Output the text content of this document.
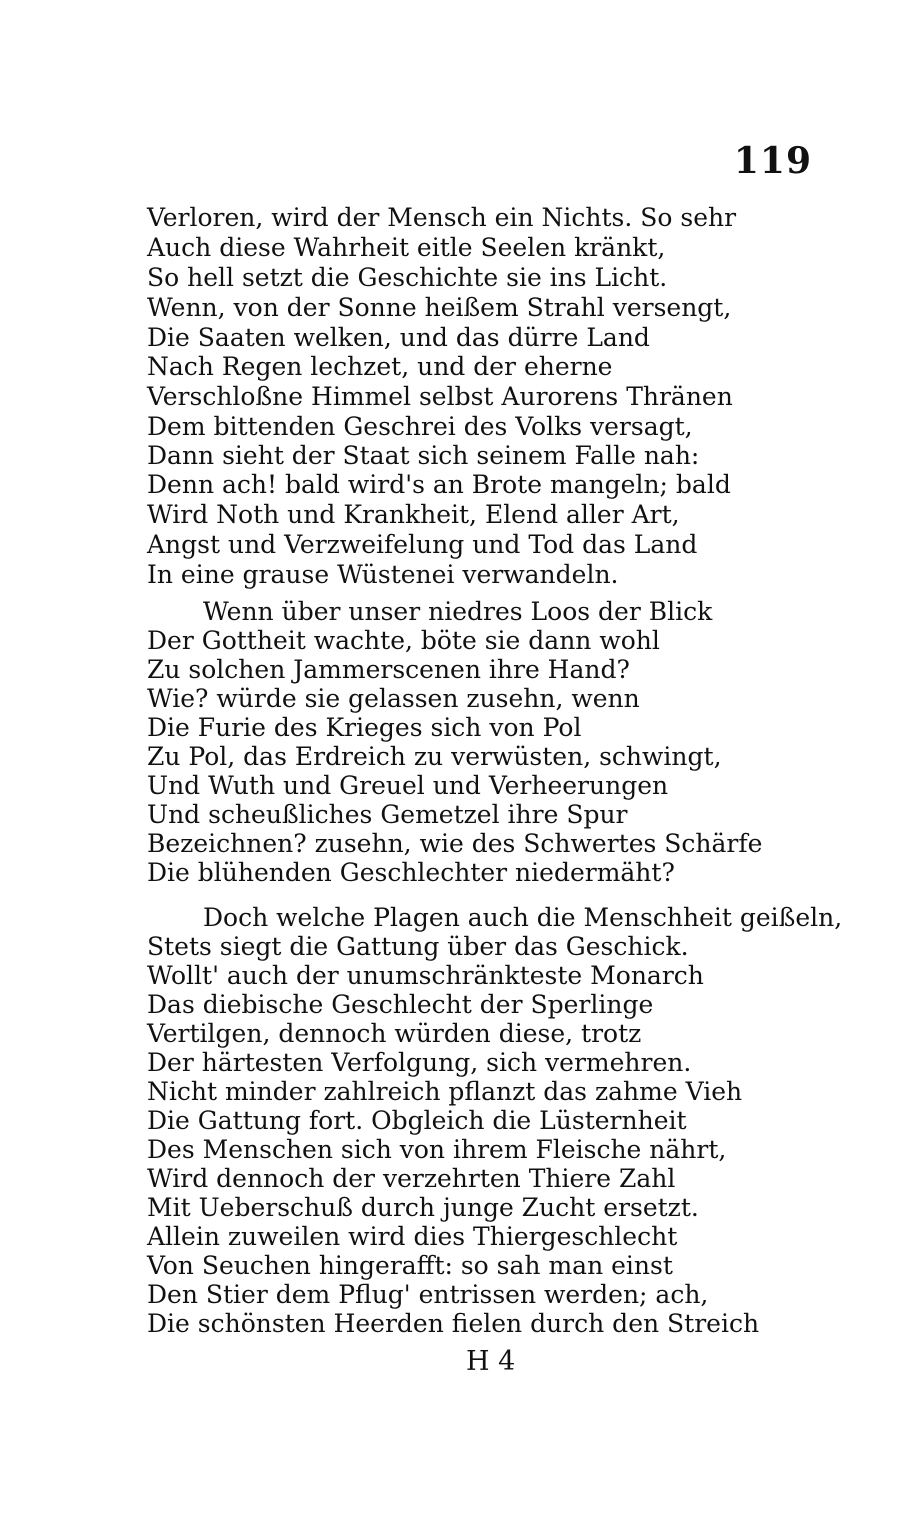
119
Verloren, wird der Mensch ein Nichts. So sehr
Auch diese Wahrheit eitle Seelen kränkt,
So hell setzt die Geschichte sie ins Licht.
Wenn, von der Sonne heißem Strahl versengt,
Die Saaten welken, und das dürre Land
Nach Regen lechzet, und der eherne
Verschloßne Himmel selbst Aurorens Thränen
Dem bittenden Geschrei des Volks versagt,
Dann sieht der Staat sich seinem Falle nah:
Denn ach! bald wird's an Brote mangeln; bald
Wird Noth und Krankheit, Elend aller Art,
Angst und Verzweifelung und Tod das Land
In eine grause Wüstenei verwandeln.
Wenn über unser niedres Loos der Blick
Der Gottheit wachte, böte sie dann wohl
Zu solchen Jammerscenen ihre Hand?
Wie? würde sie gelassen zusehn, wenn
Die Furie des Krieges sich von Pol
Zu Pol, das Erdreich zu verwüsten, schwingt,
Und Wuth und Greuel und Verheerungen
Und scheußliches Gemetzel ihre Spur
Bezeichnen? zusehn, wie des Schwertes Schärfe
Die blühenden Geschlechter niedermäht?
Doch welche Plagen auch die Menschheit geißeln,
Stets siegt die Gattung über das Geschick.
Wollt' auch der unumschränkteste Monarch
Das diebische Geschlecht der Sperlinge
Vertilgen, dennoch würden diese, trotz
Der härtesten Verfolgung, sich vermehren.
Nicht minder zahlreich pflanzt das zahme Vieh
Die Gattung fort. Obgleich die Lüsternheit
Des Menschen sich von ihrem Fleische nährt,
Wird dennoch der verzehrten Thiere Zahl
Mit Ueberschuß durch junge Zucht ersetzt.
Allein zuweilen wird dies Thiergeschlecht
Von Seuchen hingerafft: so sah man einst
Den Stier dem Pflug' entrissen werden; ach,
Die schönsten Heerden fielen durch den Streich
H 4
